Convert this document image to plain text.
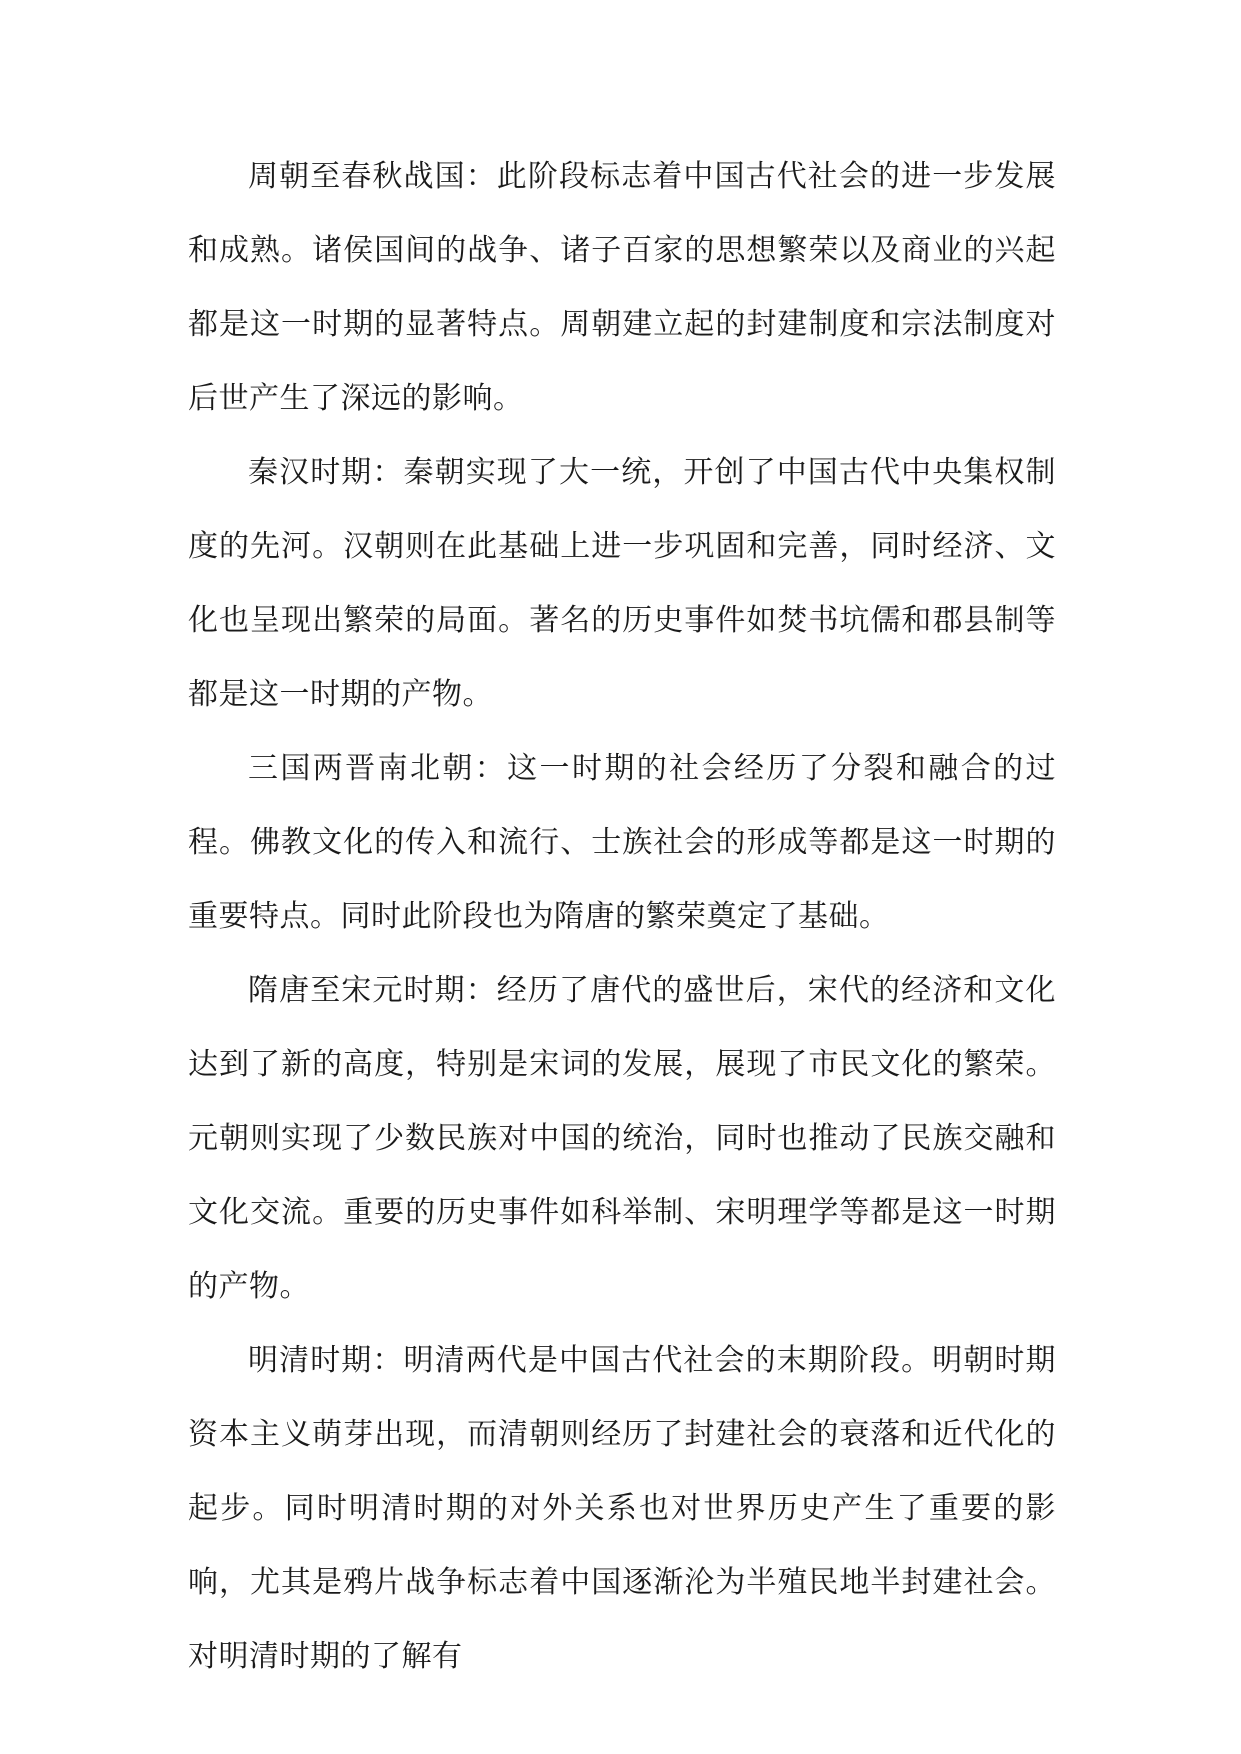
周朝至春秋战国：此阶段标志着中国古代社会的进一步发展和成熟。诸侯国间的战争、诸子百家的思想繁荣以及商业的兴起都是这一时期的显著特点。周朝建立起的封建制度和宗法制度对后世产生了深远的影响。

秦汉时期：秦朝实现了大一统，开创了中国古代中央集权制度的先河。汉朝则在此基础上进一步巩固和完善，同时经济、文化也呈现出繁荣的局面。著名的历史事件如焚书坑儒和郡县制等都是这一时期的产物。

三国两晋南北朝：这一时期的社会经历了分裂和融合的过程。佛教文化的传入和流行、士族社会的形成等都是这一时期的重要特点。同时此阶段也为隋唐的繁荣奠定了基础。

隋唐至宋元时期：经历了唐代的盛世后，宋代的经济和文化达到了新的高度，特别是宋词的发展，展现了市民文化的繁荣。元朝则实现了少数民族对中国的统治，同时也推动了民族交融和文化交流。重要的历史事件如科举制、宋明理学等都是这一时期的产物。

明清时期：明清两代是中国古代社会的末期阶段。明朝时期资本主义萌芽出现，而清朝则经历了封建社会的衰落和近代化的起步。同时明清时期的对外关系也对世界历史产生了重要的影响，尤其是鸦片战争标志着中国逐渐沦为半殖民地半封建社会。对明清时期的了解有
